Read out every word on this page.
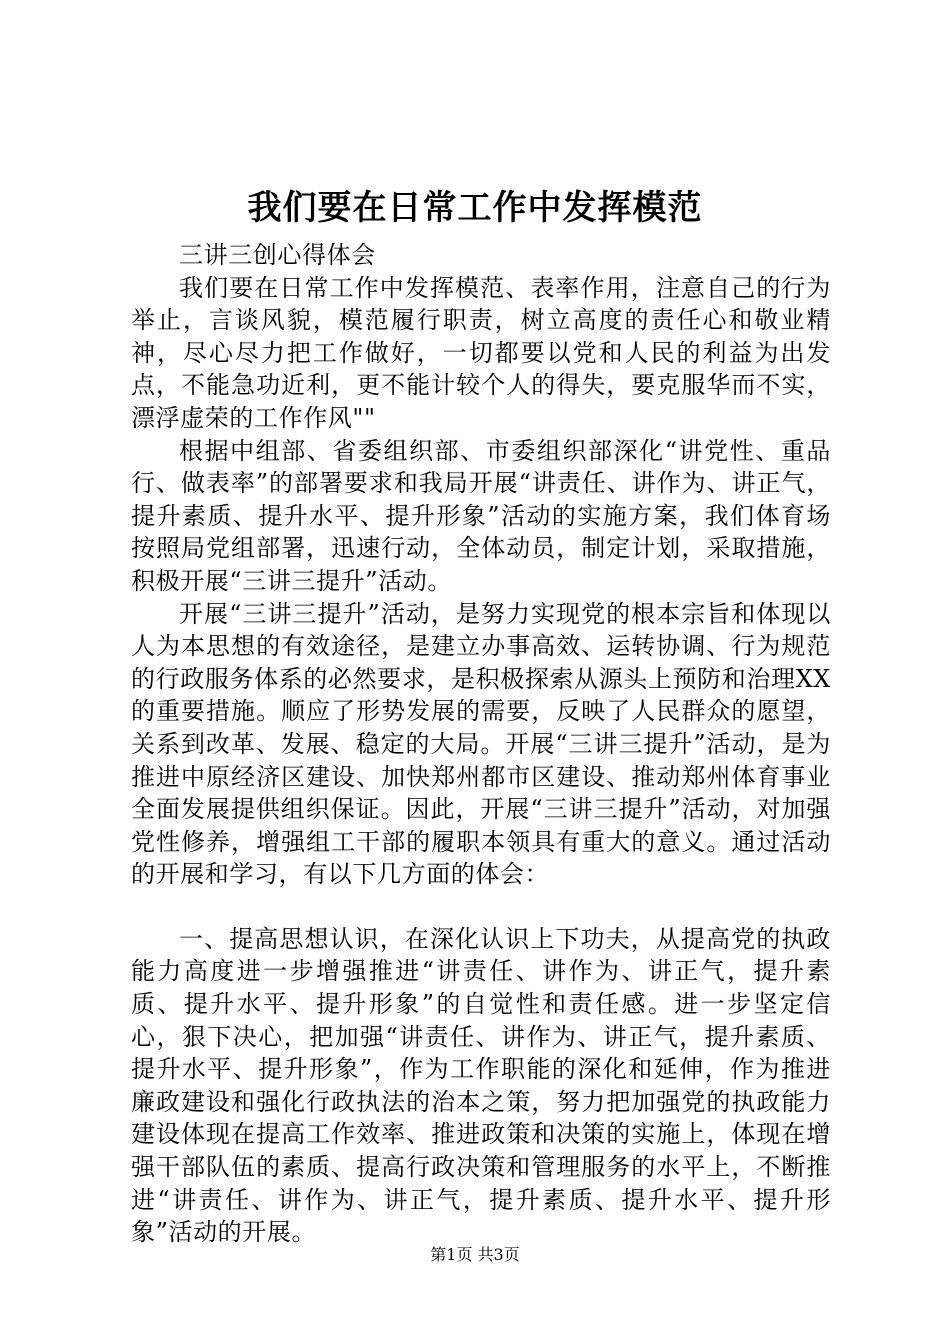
我们要在日常工作中发挥模范

三讲三创心得体会

我们要在日常工作中发挥模范、表率作用，注意自己的行为举止，言谈风貌，模范履行职责，树立高度的责任心和敬业精神，尽心尽力把工作做好，一切都要以党和人民的利益为出发点，不能急功近利，更不能计较个人的得失，要克服华而不实，漂浮虚荣的工作作风""

根据中组部、省委组织部、市委组织部深化“讲党性、重品行、做表率”的部署要求和我局开展“讲责任、讲作为、讲正气，提升素质、提升水平、提升形象”活动的实施方案，我们体育场按照局党组部署，迅速行动，全体动员，制定计划，采取措施，积极开展“三讲三提升”活动。

开展“三讲三提升”活动，是努力实现党的根本宗旨和体现以人为本思想的有效途径，是建立办事高效、运转协调、行为规范的行政服务体系的必然要求，是积极探索从源头上预防和治理XX的重要措施。顺应了形势发展的需要，反映了人民群众的愿望，关系到改革、发展、稳定的大局。开展“三讲三提升”活动，是为推进中原经济区建设、加快郑州都市区建设、推动郑州体育事业全面发展提供组织保证。因此，开展“三讲三提升”活动，对加强党性修养，增强组工干部的履职本领具有重大的意义。通过活动的开展和学习，有以下几方面的体会：

一、提高思想认识，在深化认识上下功夫，从提高党的执政能力高度进一步增强推进“讲责任、讲作为、讲正气，提升素质、提升水平、提升形象”的自觉性和责任感。进一步坚定信心，狠下决心，把加强“讲责任、讲作为、讲正气，提升素质、提升水平、提升形象”，作为工作职能的深化和延伸，作为推进廉政建设和强化行政执法的治本之策，努力把加强党的执政能力建设体现在提高工作效率、推进政策和决策的实施上，体现在增强干部队伍的素质、提高行政决策和管理服务的水平上，不断推进“讲责任、讲作为、讲正气，提升素质、提升水平、提升形象”活动的开展。

第1页 共3页
